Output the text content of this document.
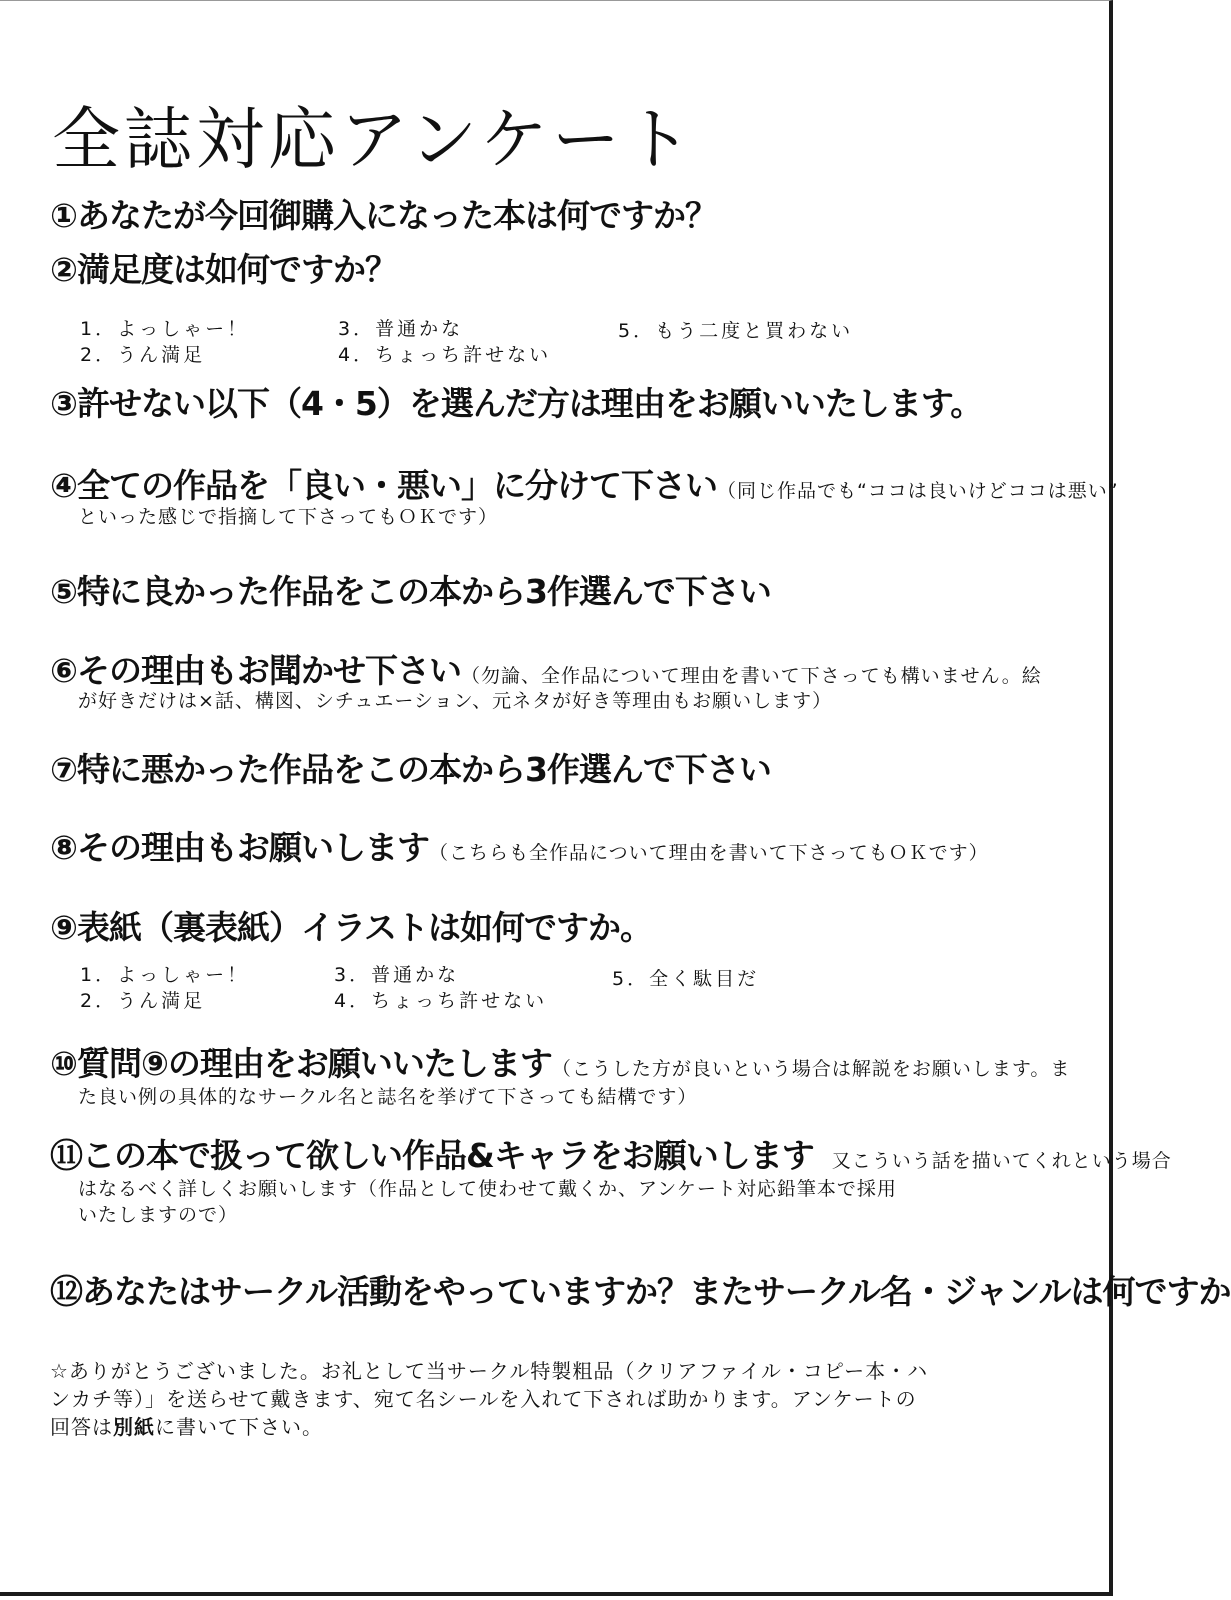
全誌対応アンケート
①あなたが今回御購入になった本は何ですか？
②満足度は如何ですか？
1．よっしゃー！
2．うん満足
3．普通かな
4．ちょっち許せない
5．もう二度と買わない
③許せない以下（4・5）を選んだ方は理由をお願いいたします。
④全ての作品を「良い・悪い」に分けて下さい（同じ作品でも“ココは良いけどココは悪い”
といった感じで指摘して下さってもＯＫです）
⑤特に良かった作品をこの本から3作選んで下さい
⑥その理由もお聞かせ下さい（勿論、全作品について理由を書いて下さっても構いません。絵
が好きだけは×話、構図、シチュエーション、元ネタが好き等理由もお願いします）
⑦特に悪かった作品をこの本から3作選んで下さい
⑧その理由もお願いします（こちらも全作品について理由を書いて下さってもＯＫです）
⑨表紙（裏表紙）イラストは如何ですか。
1．よっしゃー！
2．うん満足
3．普通かな
4．ちょっち許せない
5．全く駄目だ
⑩質問⑨の理由をお願いいたします（こうした方が良いという場合は解説をお願いします。ま
た良い例の具体的なサークル名と誌名を挙げて下さっても結構です）
⑪この本で扱って欲しい作品&キャラをお願いします 又こういう話を描いてくれという場合
はなるべく詳しくお願いします（作品として使わせて戴くか、アンケート対応鉛筆本で採用
いたしますので）
⑫あなたはサークル活動をやっていますか？またサークル名・ジャンルは何ですか
☆ありがとうございました。お礼として当サークル特製粗品（クリアファイル・コピー本・ハ
ンカチ等）」を送らせて戴きます、宛て名シールを入れて下されば助かります。アンケートの
回答は別紙に書いて下さい。
